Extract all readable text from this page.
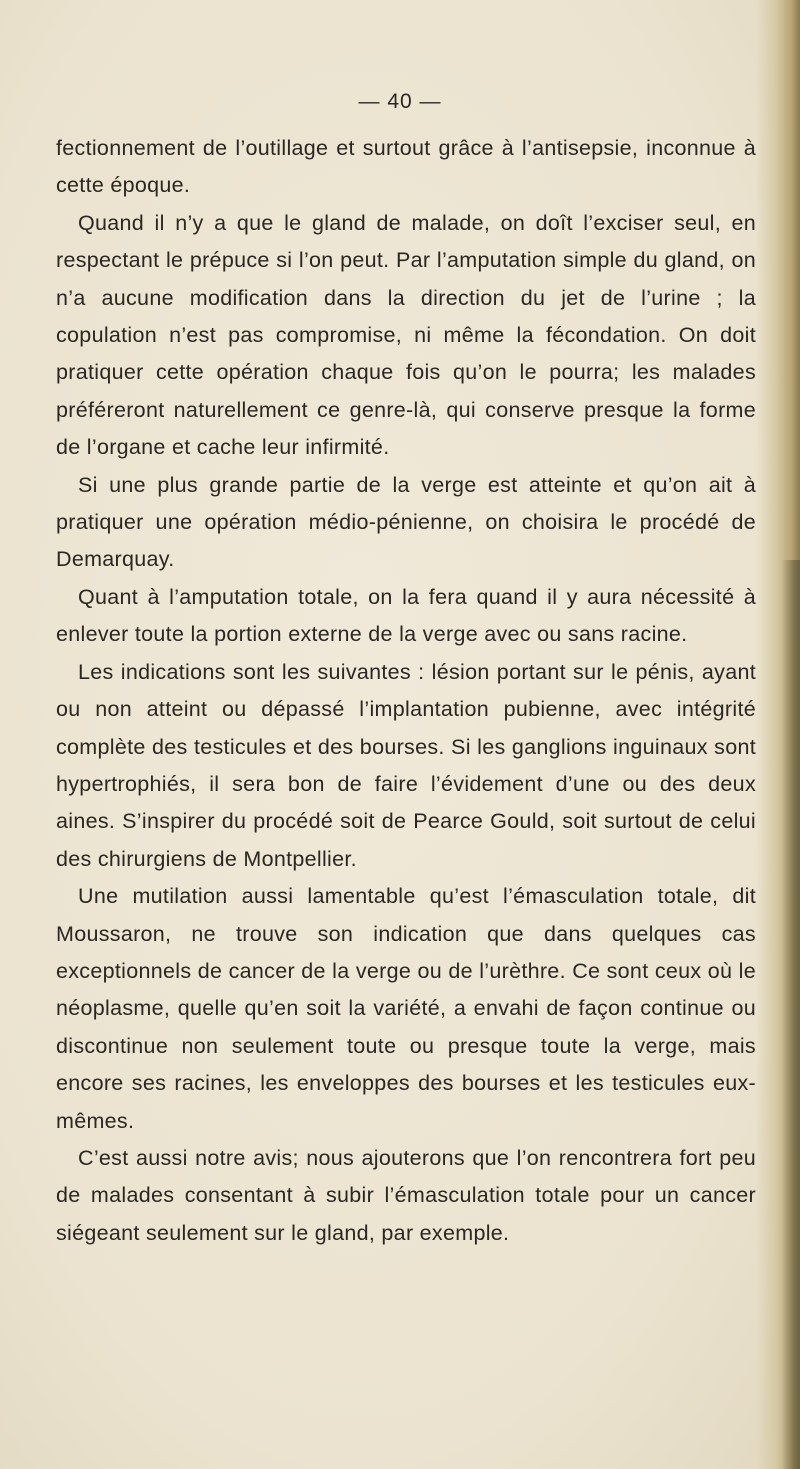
— 40 —

fectionnement de l’outillage et surtout grâce à l’antisepsie, inconnue à cette époque.

Quand il n’y a que le gland de malade, on doît l’exciser seul, en respectant le prépuce si l’on peut. Par l’amputation simple du gland, on n’a aucune modification dans la direction du jet de l’urine ; la copulation n’est pas compromise, ni même la fécondation. On doit pratiquer cette opération chaque fois qu’on le pourra; les malades préféreront naturellement ce genre-là, qui conserve presque la forme de l’organe et cache leur infirmité.

Si une plus grande partie de la verge est atteinte et qu’on ait à pratiquer une opération médio-pénienne, on choisira le procédé de Demarquay.

Quant à l’amputation totale, on la fera quand il y aura nécessité à enlever toute la portion externe de la verge avec ou sans racine.

Les indications sont les suivantes : lésion portant sur le pénis, ayant ou non atteint ou dépassé l’implantation pubienne, avec intégrité complète des testicules et des bourses. Si les ganglions inguinaux sont hypertrophiés, il sera bon de faire l’évidement d’une ou des deux aines. S’inspirer du procédé soit de Pearce Gould, soit surtout de celui des chirurgiens de Montpellier.

Une mutilation aussi lamentable qu’est l’émasculation totale, dit Moussaron, ne trouve son indication que dans quelques cas exceptionnels de cancer de la verge ou de l’urèthre. Ce sont ceux où le néoplasme, quelle qu’en soit la variété, a envahi de façon continue ou discontinue non seulement toute ou presque toute la verge, mais encore ses racines, les enveloppes des bourses et les testicules eux-mêmes.

C’est aussi notre avis; nous ajouterons que l’on rencontrera fort peu de malades consentant à subir l’émasculation totale pour un cancer siégeant seulement sur le gland, par exemple.
